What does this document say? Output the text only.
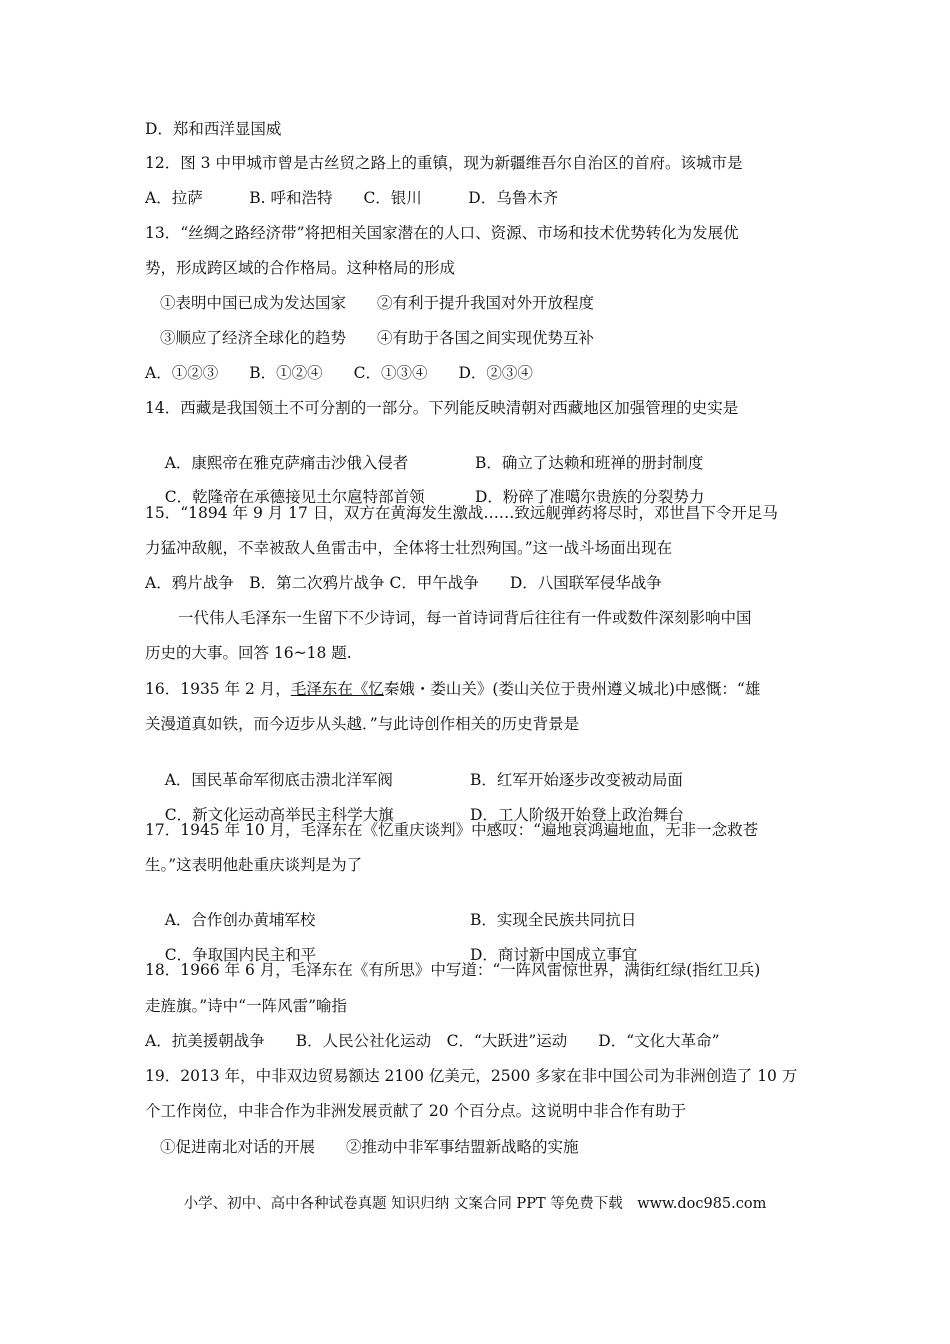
D．郑和西洋显国威
12．图 3 中甲城市曾是古丝贸之路上的重镇，现为新疆维吾尔自治区的首府。该城市是
A．拉萨　　　B. 呼和浩特　　C．银川　　　D．乌鲁木齐
13．“丝绸之路经济带”将把相关国家潜在的人口、资源、市场和技术优势转化为发展优
势，形成跨区域的合作格局。这种格局的形成
①表明中国已成为发达国家　　②有利于提升我国对外开放程度
③顺应了经济全球化的趋势　　④有助于各国之间实现优势互补
A．①②③　　B．①②④　　C．①③④　　D．②③④
14．西藏是我国领土不可分割的一部分。下列能反映清朝对西藏地区加强管理的史实是

A．康熙帝在雅克萨痛击沙俄入侵者	B．确立了达赖和班禅的册封制度

C．乾隆帝在承德接见土尔扈特部首领	D．粉碎了准噶尔贵族的分裂势力

15．“1894 年 9 月 17 日，双方在黄海发生激战……致远舰弹药将尽时，邓世昌下令开足马
力猛冲敌舰，不幸被敌人鱼雷击中，全体将士壮烈殉国。”这一战斗场面出现在
A．鸦片战争　B．第二次鸦片战争 C．甲午战争　　D．八国联军侵华战争
一代伟人毛泽东一生留下不少诗词，每一首诗词背后往往有一件或数件深刻影响中国
历史的大事。回答 16~18 题.
16．1935 年 2 月，毛泽东在《忆秦娥・娄山关》(娄山关位于贵州遵义城北)中感慨：“雄
关漫道真如铁，而今迈步从头越．”与此诗创作相关的历史背景是

A．国民革命军彻底击溃北洋军阀	B．红军开始逐步改变被动局面

C．新文化运动高举民主科学大旗	D．工人阶级开始登上政治舞台

17．1945 年 10 月，毛泽东在《忆重庆谈判》中感叹：“遍地哀鸿遍地血，无非一念救苍
生。”这表明他赴重庆谈判是为了

A．合作创办黄埔军校	B．实现全民族共同抗日

C．争取国内民主和平	D．商讨新中国成立事宜

18．1966 年 6 月，毛泽东在《有所思》中写道：“一阵风雷惊世界，满街红绿(指红卫兵)
走旌旗。”诗中“一阵风雷”喻指
A．抗美援朝战争　　B．人民公社化运动　C．“大跃进”运动　　D．“文化大革命”
19．2013 年，中非双边贸易额达 2100 亿美元，2500 多家在非中国公司为非洲创造了 10 万
个工作岗位，中非合作为非洲发展贡献了 20 个百分点。这说明中非合作有助于
①促进南北对话的开展　　②推动中非军事结盟新战略的实施
小学、初中、高中各种试卷真题 知识归纳 文案合同 PPT 等免费下载　www.doc985.com
